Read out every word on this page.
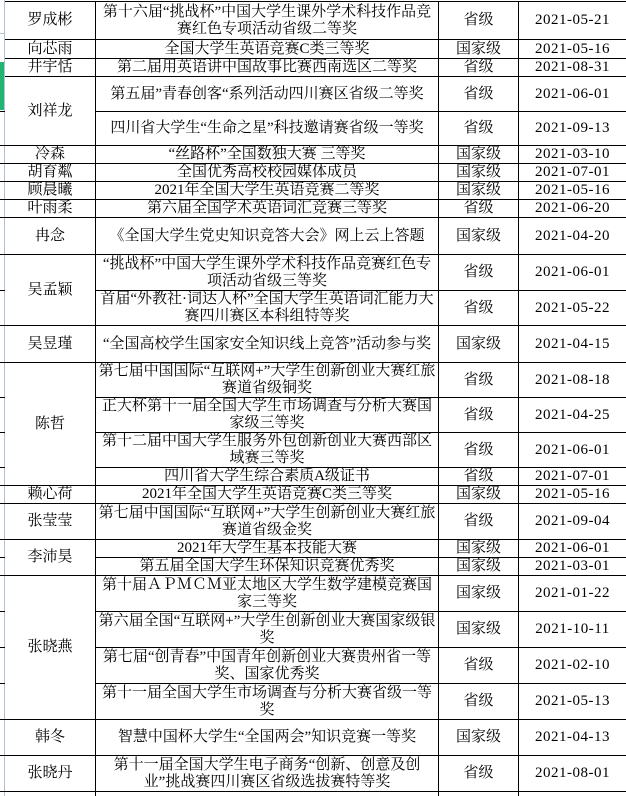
罗成彬	第十六届“挑战杯”中国大学生课外学术科技作品竞赛红色专项活动省级二等奖	省级	2021-05-21
向芯雨	全国大学生英语竞赛C类三等奖	国家级	2021-05-16
井宇恬	第二届用英语讲中国故事比赛西南选区二等奖	省级	2021-08-31
刘祥龙	第五届”青春创客“系列活动四川赛区省级二等奖	省级	2021-06-01
	四川省大学生“生命之星”科技邀请赛省级一等奖	省级	2021-09-13
冷森	“丝路杯”全国数独大赛 三等奖	国家级	2021-03-10
胡育粼	全国优秀高校校园媒体成员	国家级	2021-07-01
顾晨曦	2021年全国大学生英语竞赛二等奖	国家级	2021-05-16
叶雨柔	第六届全国学术英语词汇竞赛三等奖	省级	2021-06-20
冉念	《全国大学生党史知识竞答大会》网上云上答题	国家级	2021-04-20
吴孟颖	“挑战杯”中国大学生课外学术科技作品竞赛红色专项活动省级三等奖	省级	2021-06-01
	首届“外教社·词达人杯”全国大学生英语词汇能力大赛四川赛区本科组特等奖	省级	2021-05-22
吴昱瑾	“全国高校学生国家安全知识线上竞答”活动参与奖	国家级	2021-04-15
陈哲	第七届中国国际“互联网+”大学生创新创业大赛红旅赛道省级铜奖	省级	2021-08-18
	正大杯第十一届全国大学生市场调查与分析大赛国家级三等奖	省级	2021-04-25
	第十二届中国大学生服务外包创新创业大赛西部区域赛三等奖	省级	2021-06-01
	四川省大学生综合素质A级证书	省级	2021-07-01
赖心荷	2021年全国大学生英语竞赛C类三等奖	国家级	2021-05-16
张莹莹	第七届中国国际“互联网+”大学生创新创业大赛红旅赛道省级金奖	省级	2021-09-04
李沛昊	2021年大学生基本技能大赛	国家级	2021-06-01
	第五届全国大学生环保知识竞赛优秀奖	国家级	2021-03-01
张晓燕	第十届ＡＰＭＣＭ亚太地区大学生数学建模竞赛国家三等奖	国家级	2021-01-22
	第六届全国“互联网+”大学生创新创业大赛国家级银奖	国家级	2021-10-11
	第七届“创青春”中国青年创新创业大赛贵州省一等奖、国家优秀奖	省级	2021-02-10
	第十一届全国大学生市场调查与分析大赛省级一等奖	省级	2021-05-13
韩冬	智慧中国杯大学生“全国两会”知识竞赛一等奖	国家级	2021-04-13
张晓丹	第十一届全国大学生电子商务“创新、创意及创业”挑战赛四川赛区省级选拔赛特等奖	省级	2021-08-01
